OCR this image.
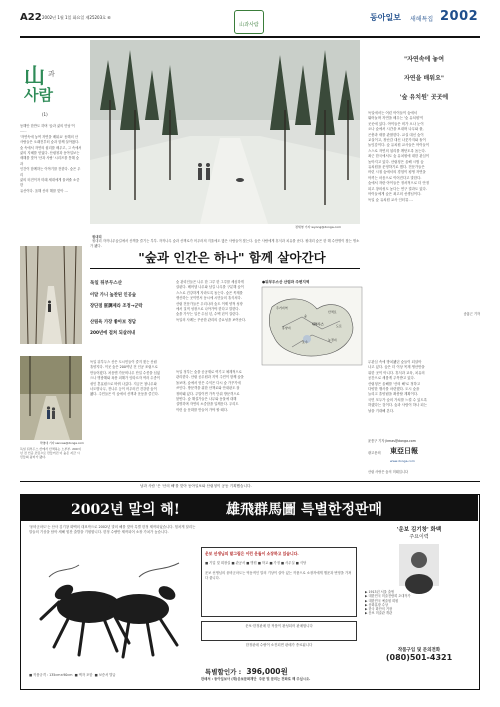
A22 2002년 1월 1일 화요일 제25203호 ⑥
山과사람
동아일보 새해특집 2002
山 과
사람
(1)
동해안 한반도 하며 '숲과 삶의 만남'이 ……
'자연속에 놓여 자연을 배워요' 동해의 산
사람들은 오래전부터 숲과 함께 살아왔다.
숲 속에서 자연의 섭리를 배우고, 그 속에서
삶의 지혜를 얻었다. 산림청과 동아일보는
새해를 맞아 '산과 사람' 시리즈를 통해 숲과
인간이 함께하는 이야기를 전한다. 숲은 우리
삶의 터전이자 미래 세대에게 물려줄 소중한
유산이다. 올해 산의 해를 맞아 …
정세영 기자 wyong@donga.com

원대리
원대리 자작나무숲길에서 산책을 즐기는 부부. 자작나무 숲과 산책로가 어우러져 겨울에도 많은 사람들이 찾는다. 숲은 사람에게 휴식과 치유를 준다. 원대리 숲은 한 해 수만명이 찾는 명소가 됐다.

"자연속에 놓여
자연을 배워요"
'숲 유치원' 곳곳에
독일에서는 어린 아이들이 숲에서
뛰어놀며 자연을 배우는 '숲 유치원'이
곳곳에 있다. 아이들은 비가 오나 눈이
오나 숲에서 시간을 보내며 나무와 풀,
곤충과 새를 관찰한다. 교실 대신 숲이
교실이고, 장난감 대신 나뭇가지와 돌이
놀잇감이다. 숲 유치원 교사들은 아이들이
스스로 자연의 섭리를 깨닫도록 돕는다.
최근 한국에서도 숲 유치원에 대한 관심이
높아지고 있다. 산림청은 올해 시범 숲
유치원을 운영하기로 했다. 전문가들은
어린 시절 숲에서의 경험이 평생 자연을
아끼는 마음으로 이어진다고 말한다.
숲에서 자란 아이들은 정서적으로 더 안정
되고 창의성도 높다는 연구 결과도 있다.
아이들에게 숲은 최고의 선생님이다.
독일 숲 유치원 교사 인터뷰 …
송홍근 기자
"숲과 인간은 하나" 함께 살아간다
독일 뒤부두스산
이달 가니 높찬된 인공숲
장단점 胚調제라 조정→군락
산림욕 가장 좋아보 정담
200년에 걸쳐 되살려내
독일 뒤부두스 산은 도시민들이 즐겨 찾는 산림
휴양지다. 이곳 숲은 200여년 전 인공 조림으로
만들어졌다. 처음엔 가문비나무 단일 수종을 심었
으나 병충해와 폭풍 피해가 잇따르자 여러 수종이
섞인 혼효림으로 바꿔 나갔다. 지금은 참나무와
너도밤나무, 전나무 등이 어우러진 건강한 숲이
됐다. 주민들은 이 숲에서 산책과 운동을 즐긴다.
숲 관리인들은 나무 한 그루 한 그루를 세심하게
살핀다. 베어낼 나무와 남길 나무를 구분해 숲이
스스로 건강하게 자라도록 돕는다. 숲은 목재를
생산하는 곳이면서 동시에 시민들의 휴식처다.
산림 전문가들은 우리나라 숲도 이제 양적 성장
에서 질적 성장으로 나아가야 한다고 말한다.
숲을 가꾸는 일은 수십 년, 수백 년이 걸린다.
독일의 사례는 꾸준한 관리의 중요성을 보여준다.
독일 정부는 숲을 공공재로 여기고 체계적으로
관리한다. 산림 공무원과 지역 주민이 함께 숲을
돌보며, 숲에서 얻은 수익은 다시 숲 가꾸기에
쓰인다. 방문객을 위한 산책로와 안내판도 잘
정비돼 있다. 주말이면 가족 단위 방문객으로
붐빈다. 숲 해설가들은 나무와 동물에 대해
설명하며 자연의 소중함을 일깨운다. 우리도
이런 숲 문화를 만들어 가야 할 때다.
●뒤부두스산 산림과 주변지역
주거지역
숲
산책로
휴양지
뒤부두스
호수	농경지
도로
박영대 기자 sannae@donga.com
독일 뒤부두스 산에서 산책하는 노부부. 200여년 전 인공 조림으로 만들어진 이 숲은 지금 시민들의 쉼터가 됐다.
무관심 속에 방치됐던 숲들이 되살아
나고 있다. 숲은 더 이상 목재 생산만을
위한 곳이 아니다. 휴식과 교육, 치유의
공간으로 새롭게 주목받고 있다.
산림청은 올해를 '산의 해'로 정하고
다양한 행사를 마련했다. 도시 숲을
늘리고 휴양림을 확충할 계획이다.
국민 모두가 숲의 가치를 느낄 수 있도록
하겠다는 것이다. 숲과 사람이 하나 되는
날을 기대해 본다.
윤종구 기자 jkmas@donga.com
광고문의 東亞日報
www.donga.com
산림 사랑은 숲의 미래입니다
남과 사람 '은 '산의 해'를 맞아 동아일보와 산림청이 공동 기획했습니다.
2002년 말의 해!	雄飛群馬圖 특별한정판매
'웅비군마도'는 산사 김기창 화백의 대표작으로 2002년 말의 해를 맞아 특별 한정 제작되었습니다. 힘차게 달리는
말들의 기상을 담아 새해 힘찬 출발을 기원합니다. 한정 수량만 제작되어 소장 가치가 높습니다.
■ 작품규격 : 135cm×90cm  ■ 액자 포함  ■ 보증서 발급
운보 선생님의 말그림은 이런 운들이 소장하고 있습니다.
■ 기업 및 회장실 ■ 관공서 ■ 병원 ■ 학교 ■ 가정 ■ 사무실 ■ 식당
운보 선생님의 웅비군마도는 역동적인 말의 기상이 살아 있는 작품으로 소장자에게 행운과 번영을 가져다 줍니다.
운보·한정판매 한 작품이 완성되어 판매합니다
한정판매 수량이 소진되면 판매가 종료됩니다
특별할인가 : 396,000원
'운보 김기창' 화백
주요이력
▶ 1913년 서울 출생
▶ 대한민국 미술전람회 초대작가
▶ 대한민국 예술원 회원
▶ 문화훈장 수상
▶ 한국 화단의 거장
▶ 운보 미술관 개관
작품구입 및 문의전화
(080)501-4321
판매처 : 동아일보사 (재)운보문화재단  주문 및 문의는 전화로 해 주십시오.
